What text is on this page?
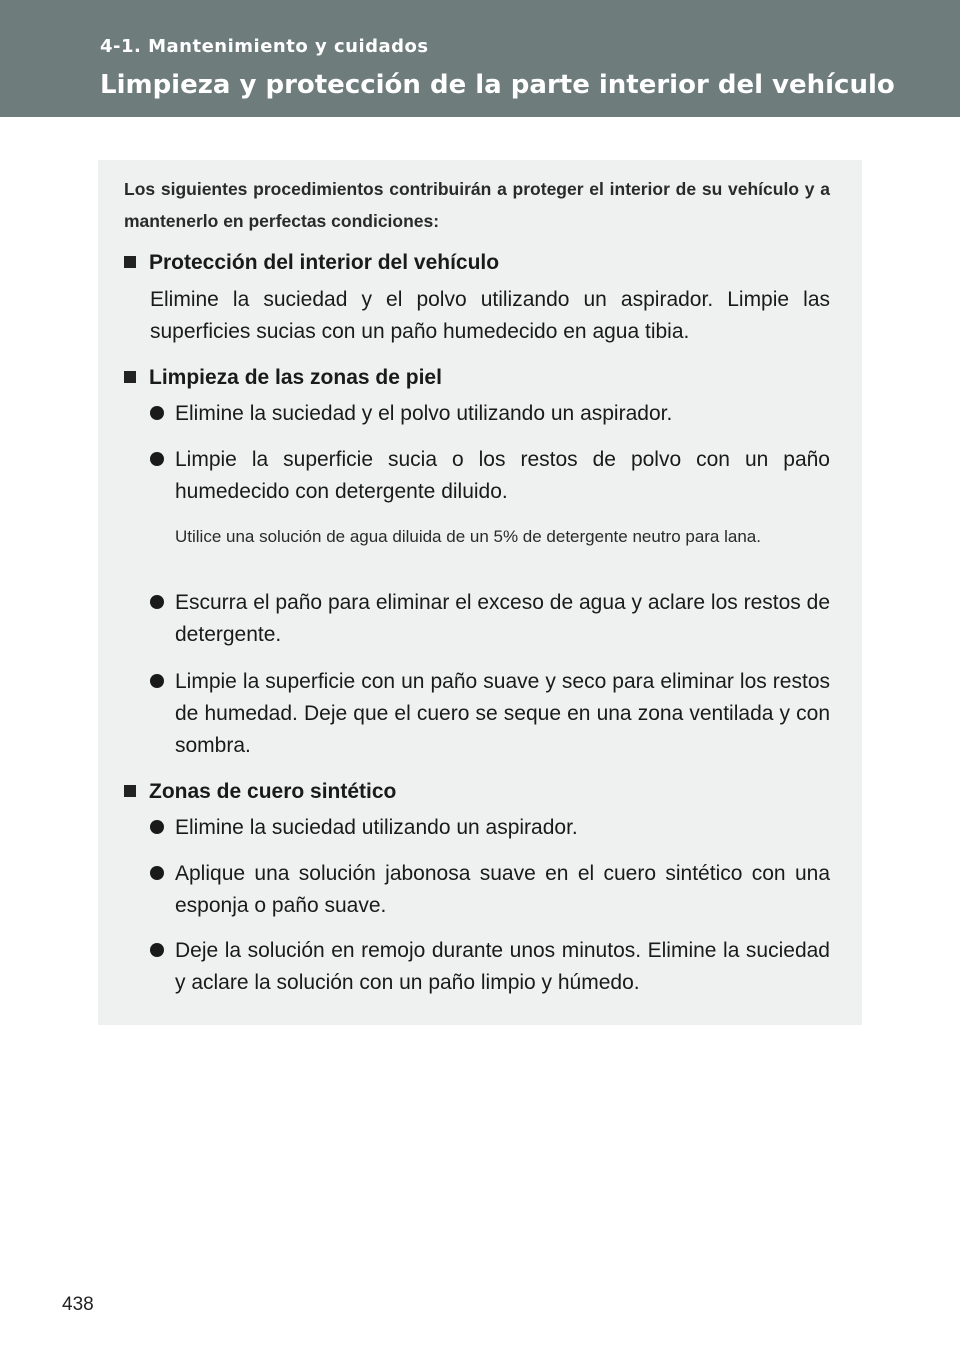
4-1. Mantenimiento y cuidados
Limpieza y protección de la parte interior del vehículo
Los siguientes procedimientos contribuirán a proteger el interior de su vehículo y a mantenerlo en perfectas condiciones:
Protección del interior del vehículo
Elimine la suciedad y el polvo utilizando un aspirador. Limpie las superficies sucias con un paño humedecido en agua tibia.
Limpieza de las zonas de piel
Elimine la suciedad y el polvo utilizando un aspirador.
Limpie la superficie sucia o los restos de polvo con un paño humedecido con detergente diluido.
Utilice una solución de agua diluida de un 5% de detergente neutro para lana.
Escurra el paño para eliminar el exceso de agua y aclare los restos de detergente.
Limpie la superficie con un paño suave y seco para eliminar los restos de humedad. Deje que el cuero se seque en una zona ventilada y con sombra.
Zonas de cuero sintético
Elimine la suciedad utilizando un aspirador.
Aplique una solución jabonosa suave en el cuero sintético con una esponja o paño suave.
Deje la solución en remojo durante unos minutos. Elimine la suciedad y aclare la solución con un paño limpio y húmedo.
438
